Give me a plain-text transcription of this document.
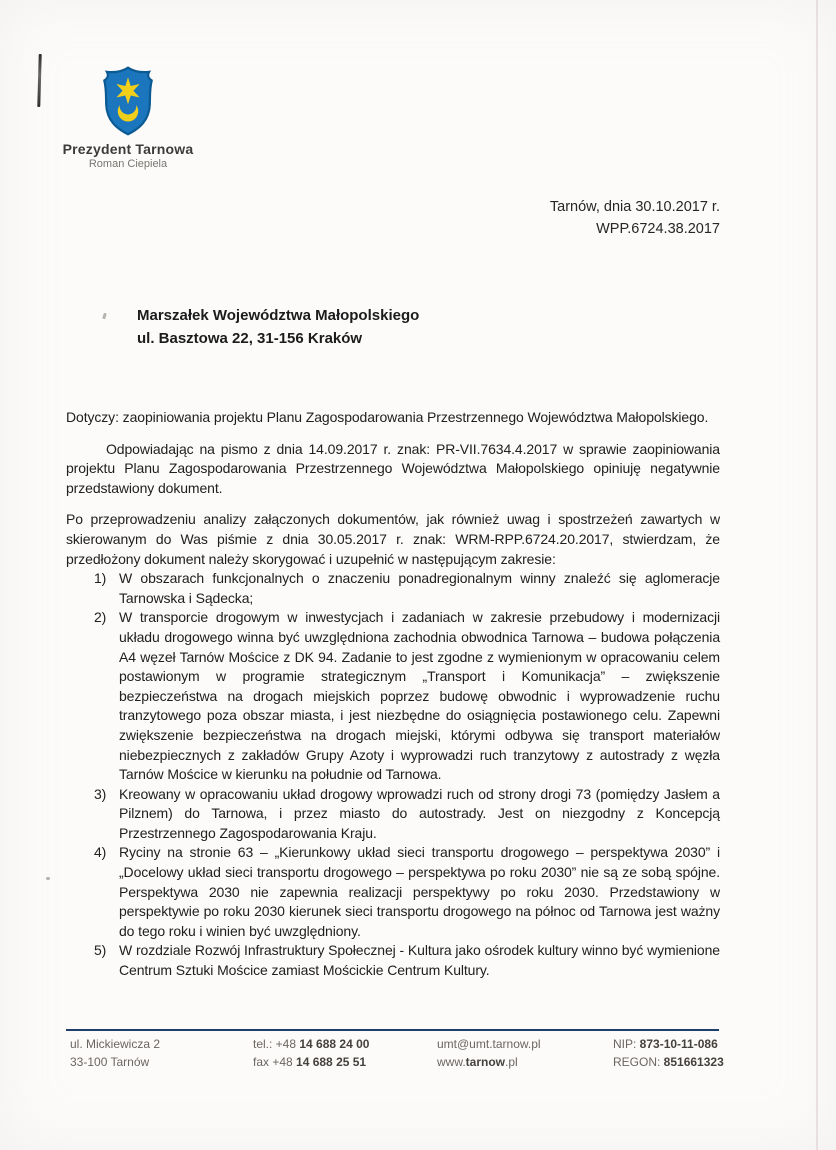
Prezydent Tarnowa
Roman Ciepiela
Tarnów, dnia 30.10.2017 r.
WPP.6724.38.2017
Marszałek Województwa Małopolskiego
ul. Basztowa 22, 31-156 Kraków

Dotyczy: zaopiniowania projektu Planu Zagospodarowania Przestrzennego Województwa Małopolskiego.

Odpowiadając na pismo z dnia 14.09.2017 r. znak: PR-VII.7634.4.2017 w sprawie zaopiniowania projektu Planu Zagospodarowania Przestrzennego Województwa Małopolskiego opiniuję negatywnie przedstawiony dokument.

Po przeprowadzeniu analizy załączonych dokumentów, jak również uwag i spostrzeżeń zawartych w skierowanym do Was piśmie z dnia 30.05.2017 r. znak: WRM-RPP.6724.20.2017, stwierdzam, że przedłożony dokument należy skorygować i uzupełnić w następującym zakresie:

1) W obszarach funkcjonalnych o znaczeniu ponadregionalnym winny znaleźć się aglomeracje Tarnowska i Sądecka;
2) W transporcie drogowym w inwestycjach i zadaniach w zakresie przebudowy i modernizacji układu drogowego winna być uwzględniona zachodnia obwodnica Tarnowa – budowa połączenia A4 węzeł Tarnów Mościce z DK 94. Zadanie to jest zgodne z wymienionym w opracowaniu celem postawionym w programie strategicznym „Transport i Komunikacja” – zwiększenie bezpieczeństwa na drogach miejskich poprzez budowę obwodnic i wyprowadzenie ruchu tranzytowego poza obszar miasta, i jest niezbędne do osiągnięcia postawionego celu. Zapewni zwiększenie bezpieczeństwa na drogach miejski, którymi odbywa się transport materiałów niebezpiecznych z zakładów Grupy Azoty i wyprowadzi ruch tranzytowy z autostrady z węzła Tarnów Mościce w kierunku na południe od Tarnowa.
3) Kreowany w opracowaniu układ drogowy wprowadzi ruch od strony drogi 73 (pomiędzy Jasłem a Pilznem) do Tarnowa, i przez miasto do autostrady. Jest on niezgodny z Koncepcją Przestrzennego Zagospodarowania Kraju.
4) Ryciny na stronie 63 – „Kierunkowy układ sieci transportu drogowego – perspektywa 2030” i „Docelowy układ sieci transportu drogowego – perspektywa po roku 2030” nie są ze sobą spójne. Perspektywa 2030 nie zapewnia realizacji perspektywy po roku 2030. Przedstawiony w perspektywie po roku 2030 kierunek sieci transportu drogowego na północ od Tarnowa jest ważny do tego roku i winien być uwzględniony.
5) W rozdziale Rozwój Infrastruktury Społecznej - Kultura jako ośrodek kultury winno być wymienione Centrum Sztuki Mościce zamiast Mościckie Centrum Kultury.
ul. Mickiewicza 2
33-100 Tarnów
tel.: +48 14 688 24 00
fax +48 14 688 25 51
umt@umt.tarnow.pl
www.tarnow.pl
NIP: 873-10-11-086
REGON: 851661323
